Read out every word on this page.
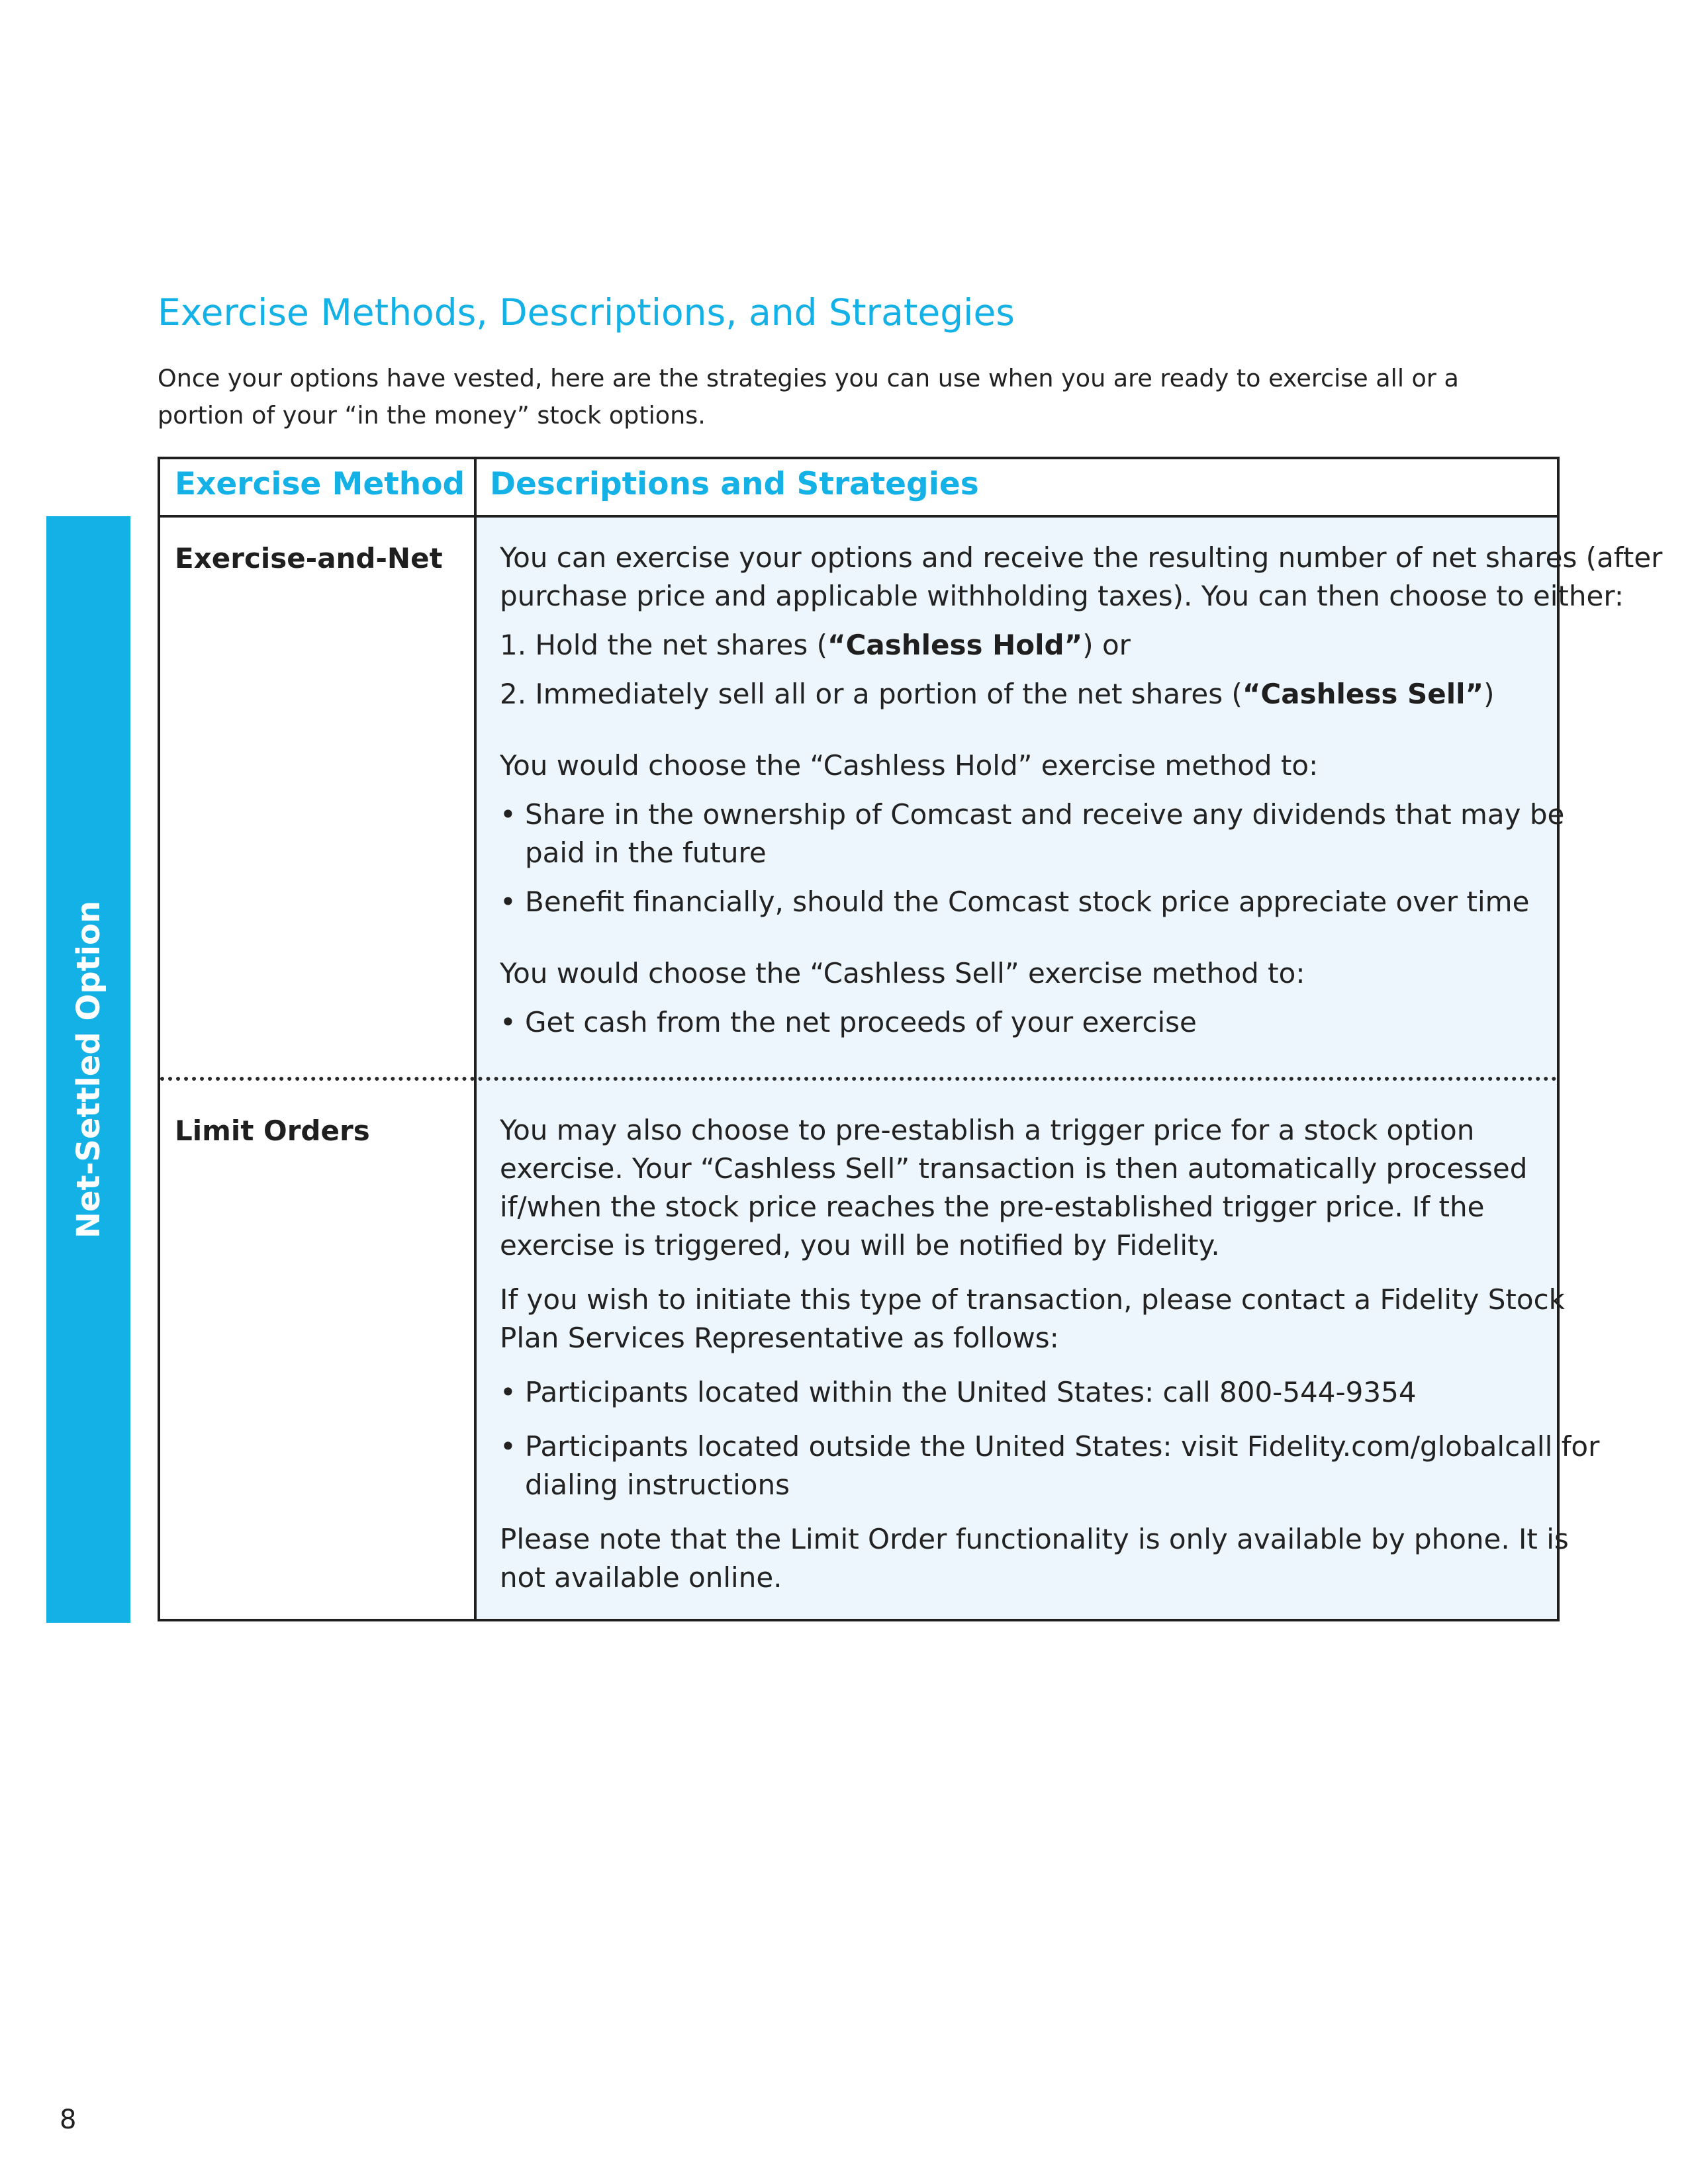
Exercise Methods, Descriptions, and Strategies
Once your options have vested, here are the strategies you can use when you are ready to exercise all or a
portion of your “in the money” stock options.
Net-Settled Option
Exercise Method Descriptions and Strategies
Exercise-and-Net You can exercise your options and receive the resulting number of net shares (after
purchase price and applicable withholding taxes). You can then choose to either:
1. Hold the net shares (“Cashless Hold”) or
2. Immediately sell all or a portion of the net shares (“Cashless Sell”)
You would choose the “Cashless Hold” exercise method to:
• Share in the ownership of Comcast and receive any dividends that may be
paid in the future
• Benefit financially, should the Comcast stock price appreciate over time
You would choose the “Cashless Sell” exercise method to:
• Get cash from the net proceeds of your exercise
Limit Orders	You may also choose to pre-establish a trigger price for a stock option
exercise. Your “Cashless Sell” transaction is then automatically processed
if/when the stock price reaches the pre-established trigger price. If the
exercise is triggered, you will be notified by Fidelity.
If you wish to initiate this type of transaction, please contact a Fidelity Stock
Plan Services Representative as follows:
• Participants located within the United States: call 800-544-9354
• Participants located outside the United States: visit Fidelity.com/globalcall for
dialing instructions
Please note that the Limit Order functionality is only available by phone. It is
not available online.
8
